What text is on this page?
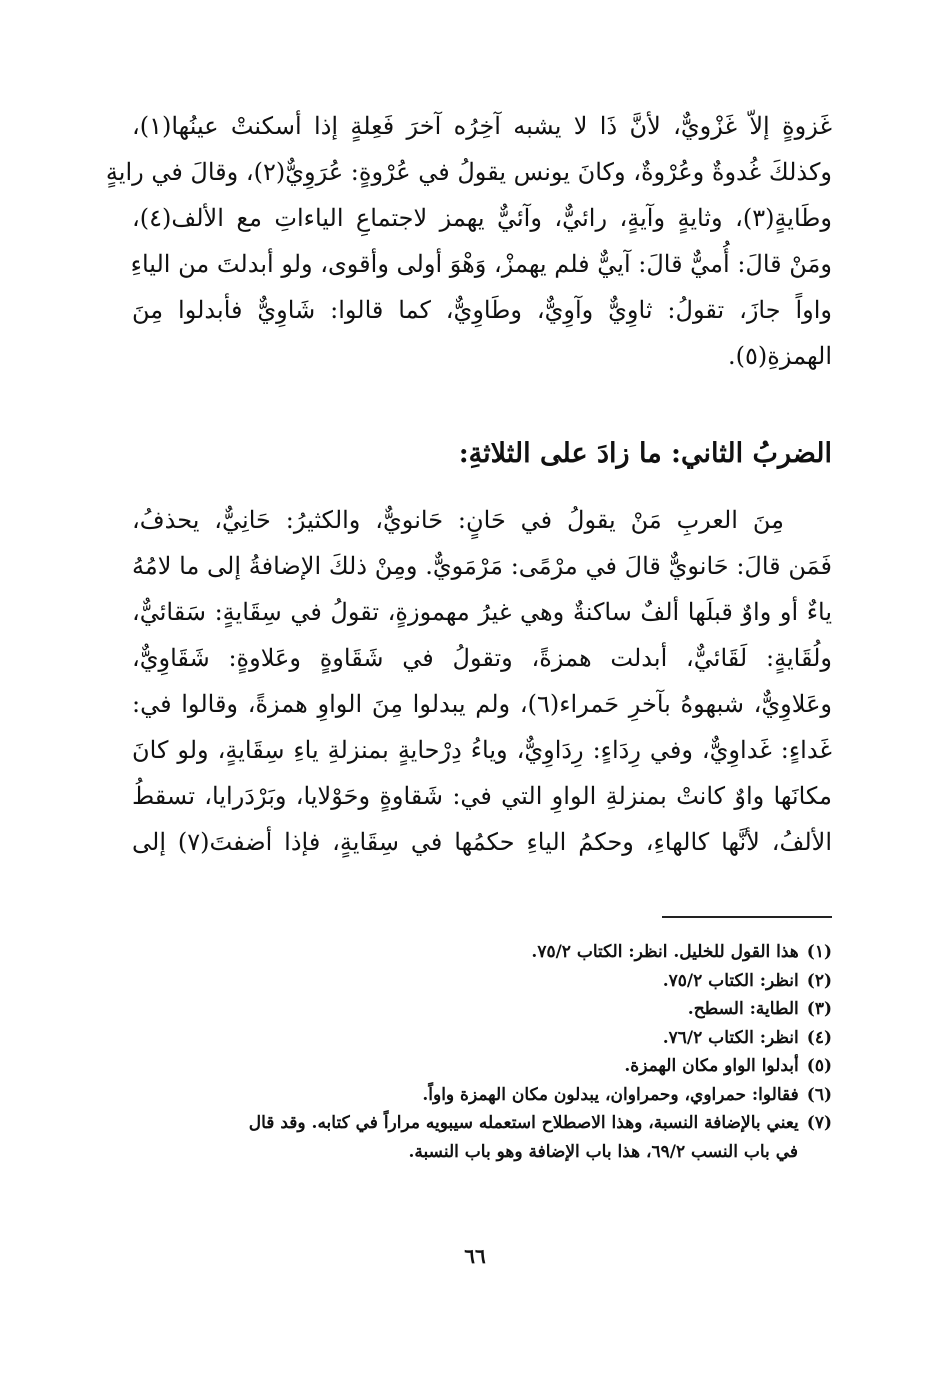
غَزوةٍ إلاّ غَزْويٌّ، لأنَّ ذَا لا يشبه آخِرُه آخرَ فَعِلةٍ إذا أسكنتْ عينُها(١)،
وكذلكَ غُدوةٌ وعُرْوةٌ، وكانَ يونس يقولُ في عُرْوةٍ: عُرَوِيٌّ(٢)، وقالَ في رايةٍ
وطَايةٍ(٣)، وثايةٍ وآيةٍ، رائيٌّ، وآئيٌّ يهمز لاجتماعِ الياءاتِ مع الألف(٤)،
ومَنْ قالَ: أُميٌّ قالَ: آييٌّ فلم يهمزْ، وَهْوَ أولى وأقوى، ولو أبدلتَ من الياءِ
واواً جازَ، تقولُ: ثاوِيٌّ وآوِيٌّ، وطَاوِيٌّ، كما قالوا: شَاوِيٌّ فأبدلوا مِنَ
الهمزةِ(٥).
الضربُ الثاني: ما زادَ على الثلاثةِ:
مِنَ العربِ مَنْ يقولُ في حَانٍ: حَانويٌّ، والكثيرُ: حَانِيٌّ، يحذفُ،
فَمَن قالَ: حَانويٌّ قالَ في مرْمًى: مَرْمَويٌّ. ومِنْ ذلكَ الإضافةُ إلى ما لامُهُ
ياءٌ أو واوٌ قبلَها ألفٌ ساكنةٌ وهي غيرُ مهموزةٍ، تقولُ في سِقَايةٍ: سَقائيٌّ،
ولُقَايةٍ: لَقَائيٌّ، أبدلت همزةً، وتقولُ في شَقَاوةٍ وعَلاوةٍ: شَقَاوِيٌّ،
وعَلاوِيٌّ، شبهوهُ بآخرِ حَمراء(٦)، ولم يبدلوا مِنَ الواوِ همزةً، وقالوا في:
غَداءٍ: غَداوِيٌّ، وفي رِدَاءٍ: رِدَاوِيٌّ، وياءُ دِرْحايةٍ بمنزلةِ ياءِ سِقَايةٍ، ولو كانَ
مكانَها واوٌ كانتْ بمنزلةِ الواوِ التي في: شَقاوةٍ وحَوْلايا، وبَرْدَرايا، تسقطُ
الألفُ، لأنَّها كالهاءِ، وحكمُ الياءِ حكمُها في سِقَايةٍ، فإذا أضفتَ(٧) إلى
(١)هذا القول للخليل. انظر: الكتاب ٧٥/٢.
(٢)انظر: الكتاب ٧٥/٢.
(٣)الطاية: السطح.
(٤)انظر: الكتاب ٧٦/٢.
(٥)أبدلوا الواو مكان الهمزة.
(٦)فقالوا: حمراوي، وحمراوان، يبدلون مكان الهمزة واواً.
(٧)يعني بالإضافة النسبة، وهذا الاصطلاح استعمله سيبويه مراراً في كتابه. وقد قال
في باب النسب ٦٩/٢، هذا باب الإضافة وهو باب النسبة.
٦٦
